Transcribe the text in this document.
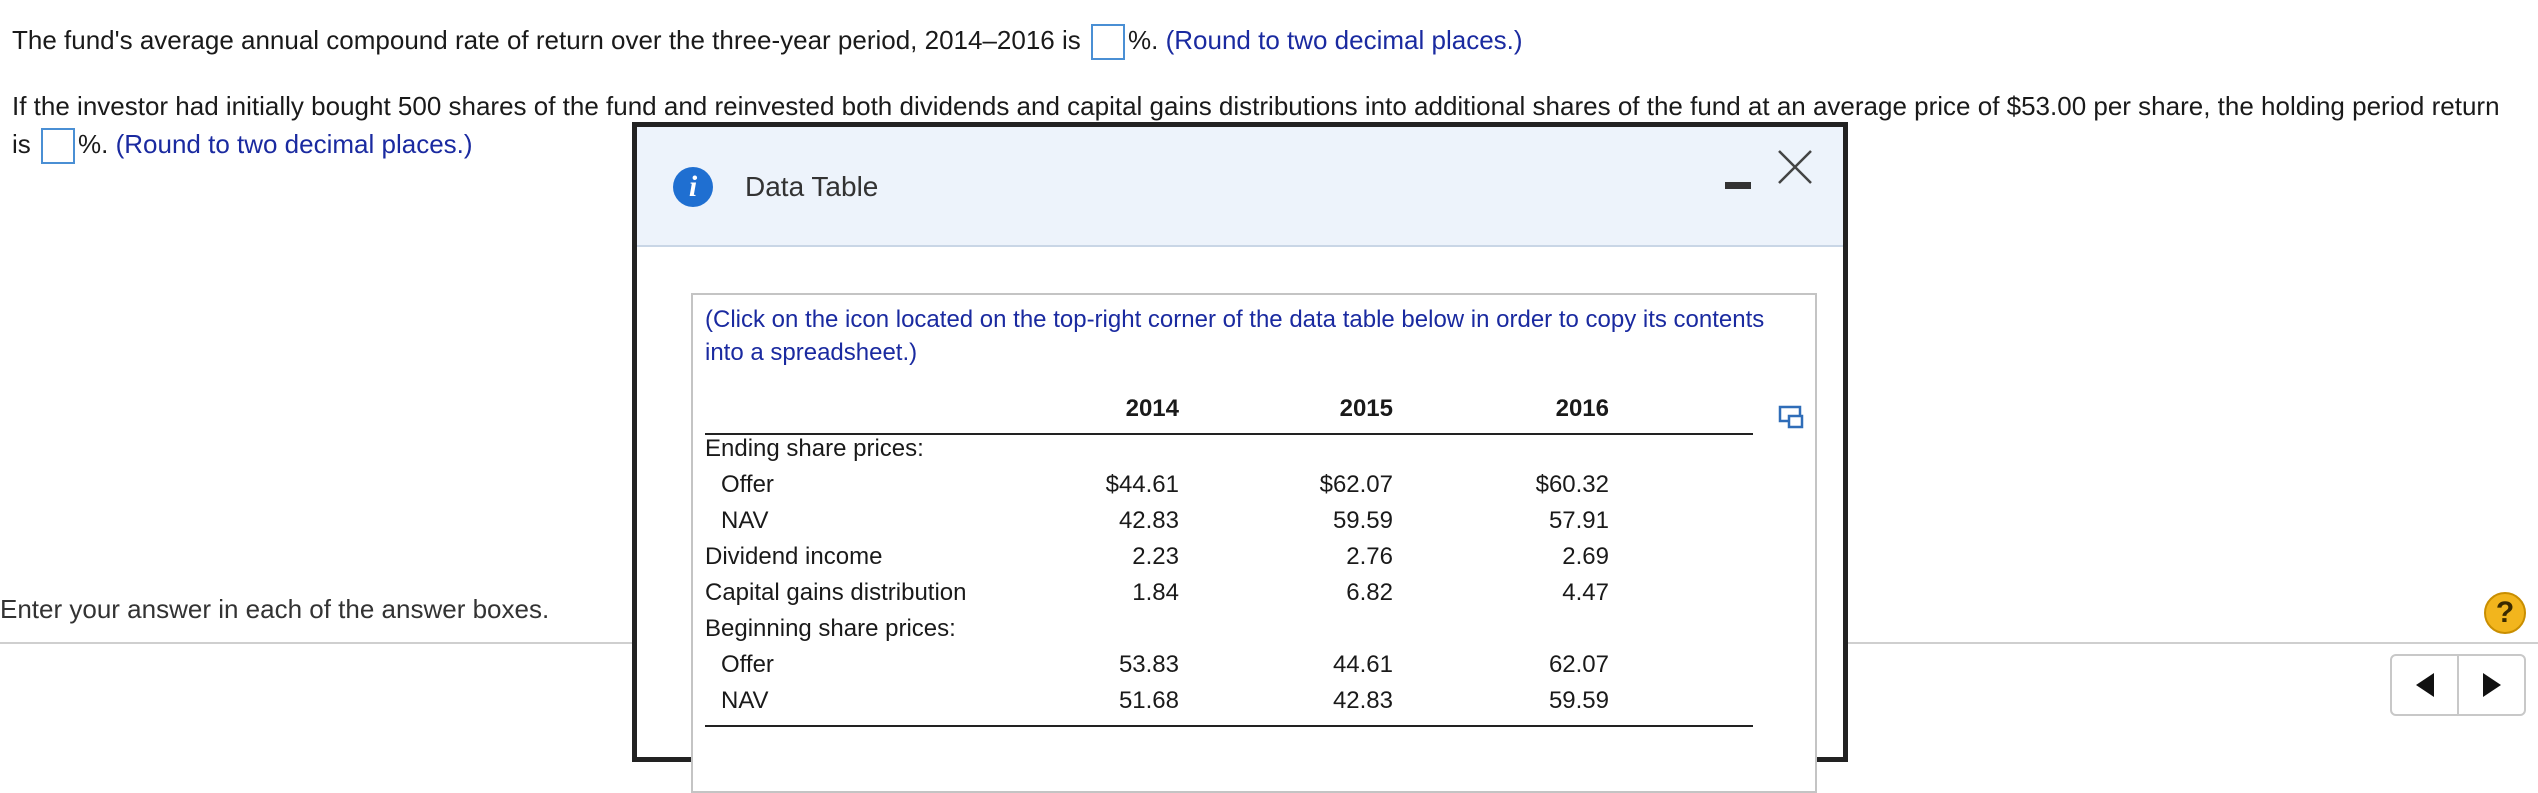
The fund's average annual compound rate of return over the three-year period, 2014–2016 is %. (Round to two decimal places.)
If the investor had initially bought 500 shares of the fund and reinvested both dividends and capital gains distributions into additional shares of the fund at an average price of $53.00 per share, the holding period return
is %. (Round to two decimal places.)
Enter your answer in each of the answer boxes.	?
i	Data Table
(Click on the icon located on the top-right corner of the data table below in order to copy its contents into a spreadsheet.)
2014	2015	2016
Ending share prices:
Offer	$44.61	$62.07	$60.32
NAV	42.83	59.59	57.91
Dividend income	2.23	2.76	2.69
Capital gains distribution	1.84	6.82	4.47
Beginning share prices:
Offer	53.83	44.61	62.07
NAV	51.68	42.83	59.59
